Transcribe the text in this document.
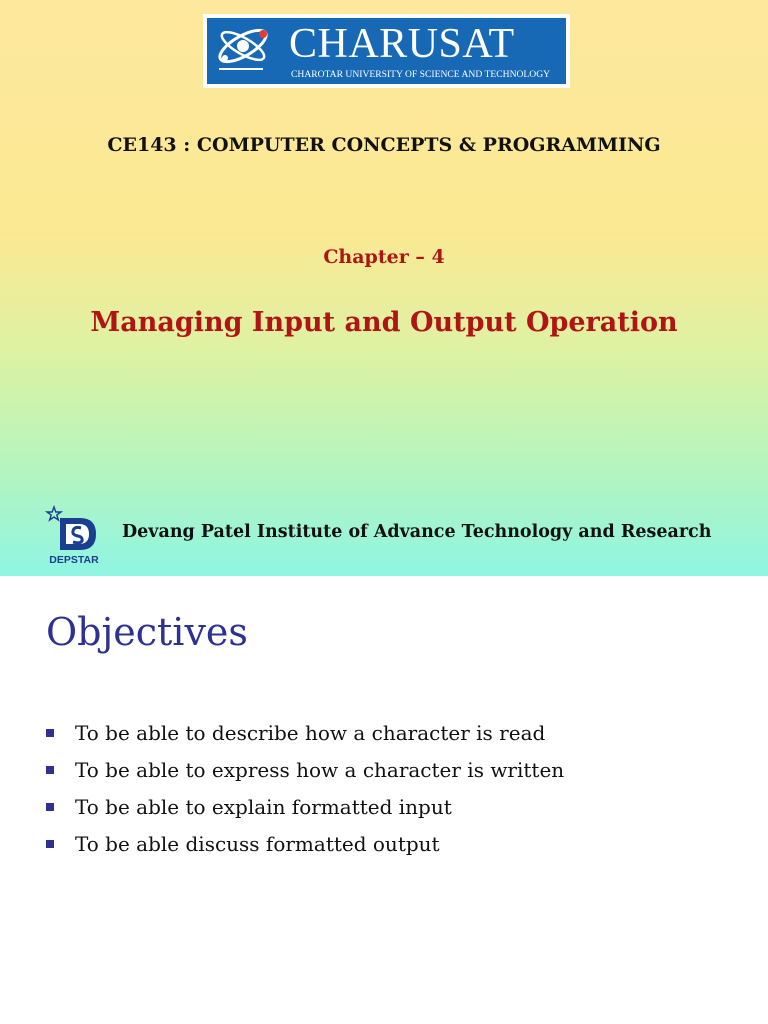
CHARUSAT
CHAROTAR UNIVERSITY OF SCIENCE AND TECHNOLOGY
CE143 : COMPUTER CONCEPTS & PROGRAMMING
Chapter – 4
Managing Input and Output Operation
DEPSTAR
Devang Patel Institute of Advance Technology and Research
Objectives
To be able to describe how a character is read
To be able to express how a character is written
To be able to explain formatted input
To be able discuss formatted output
